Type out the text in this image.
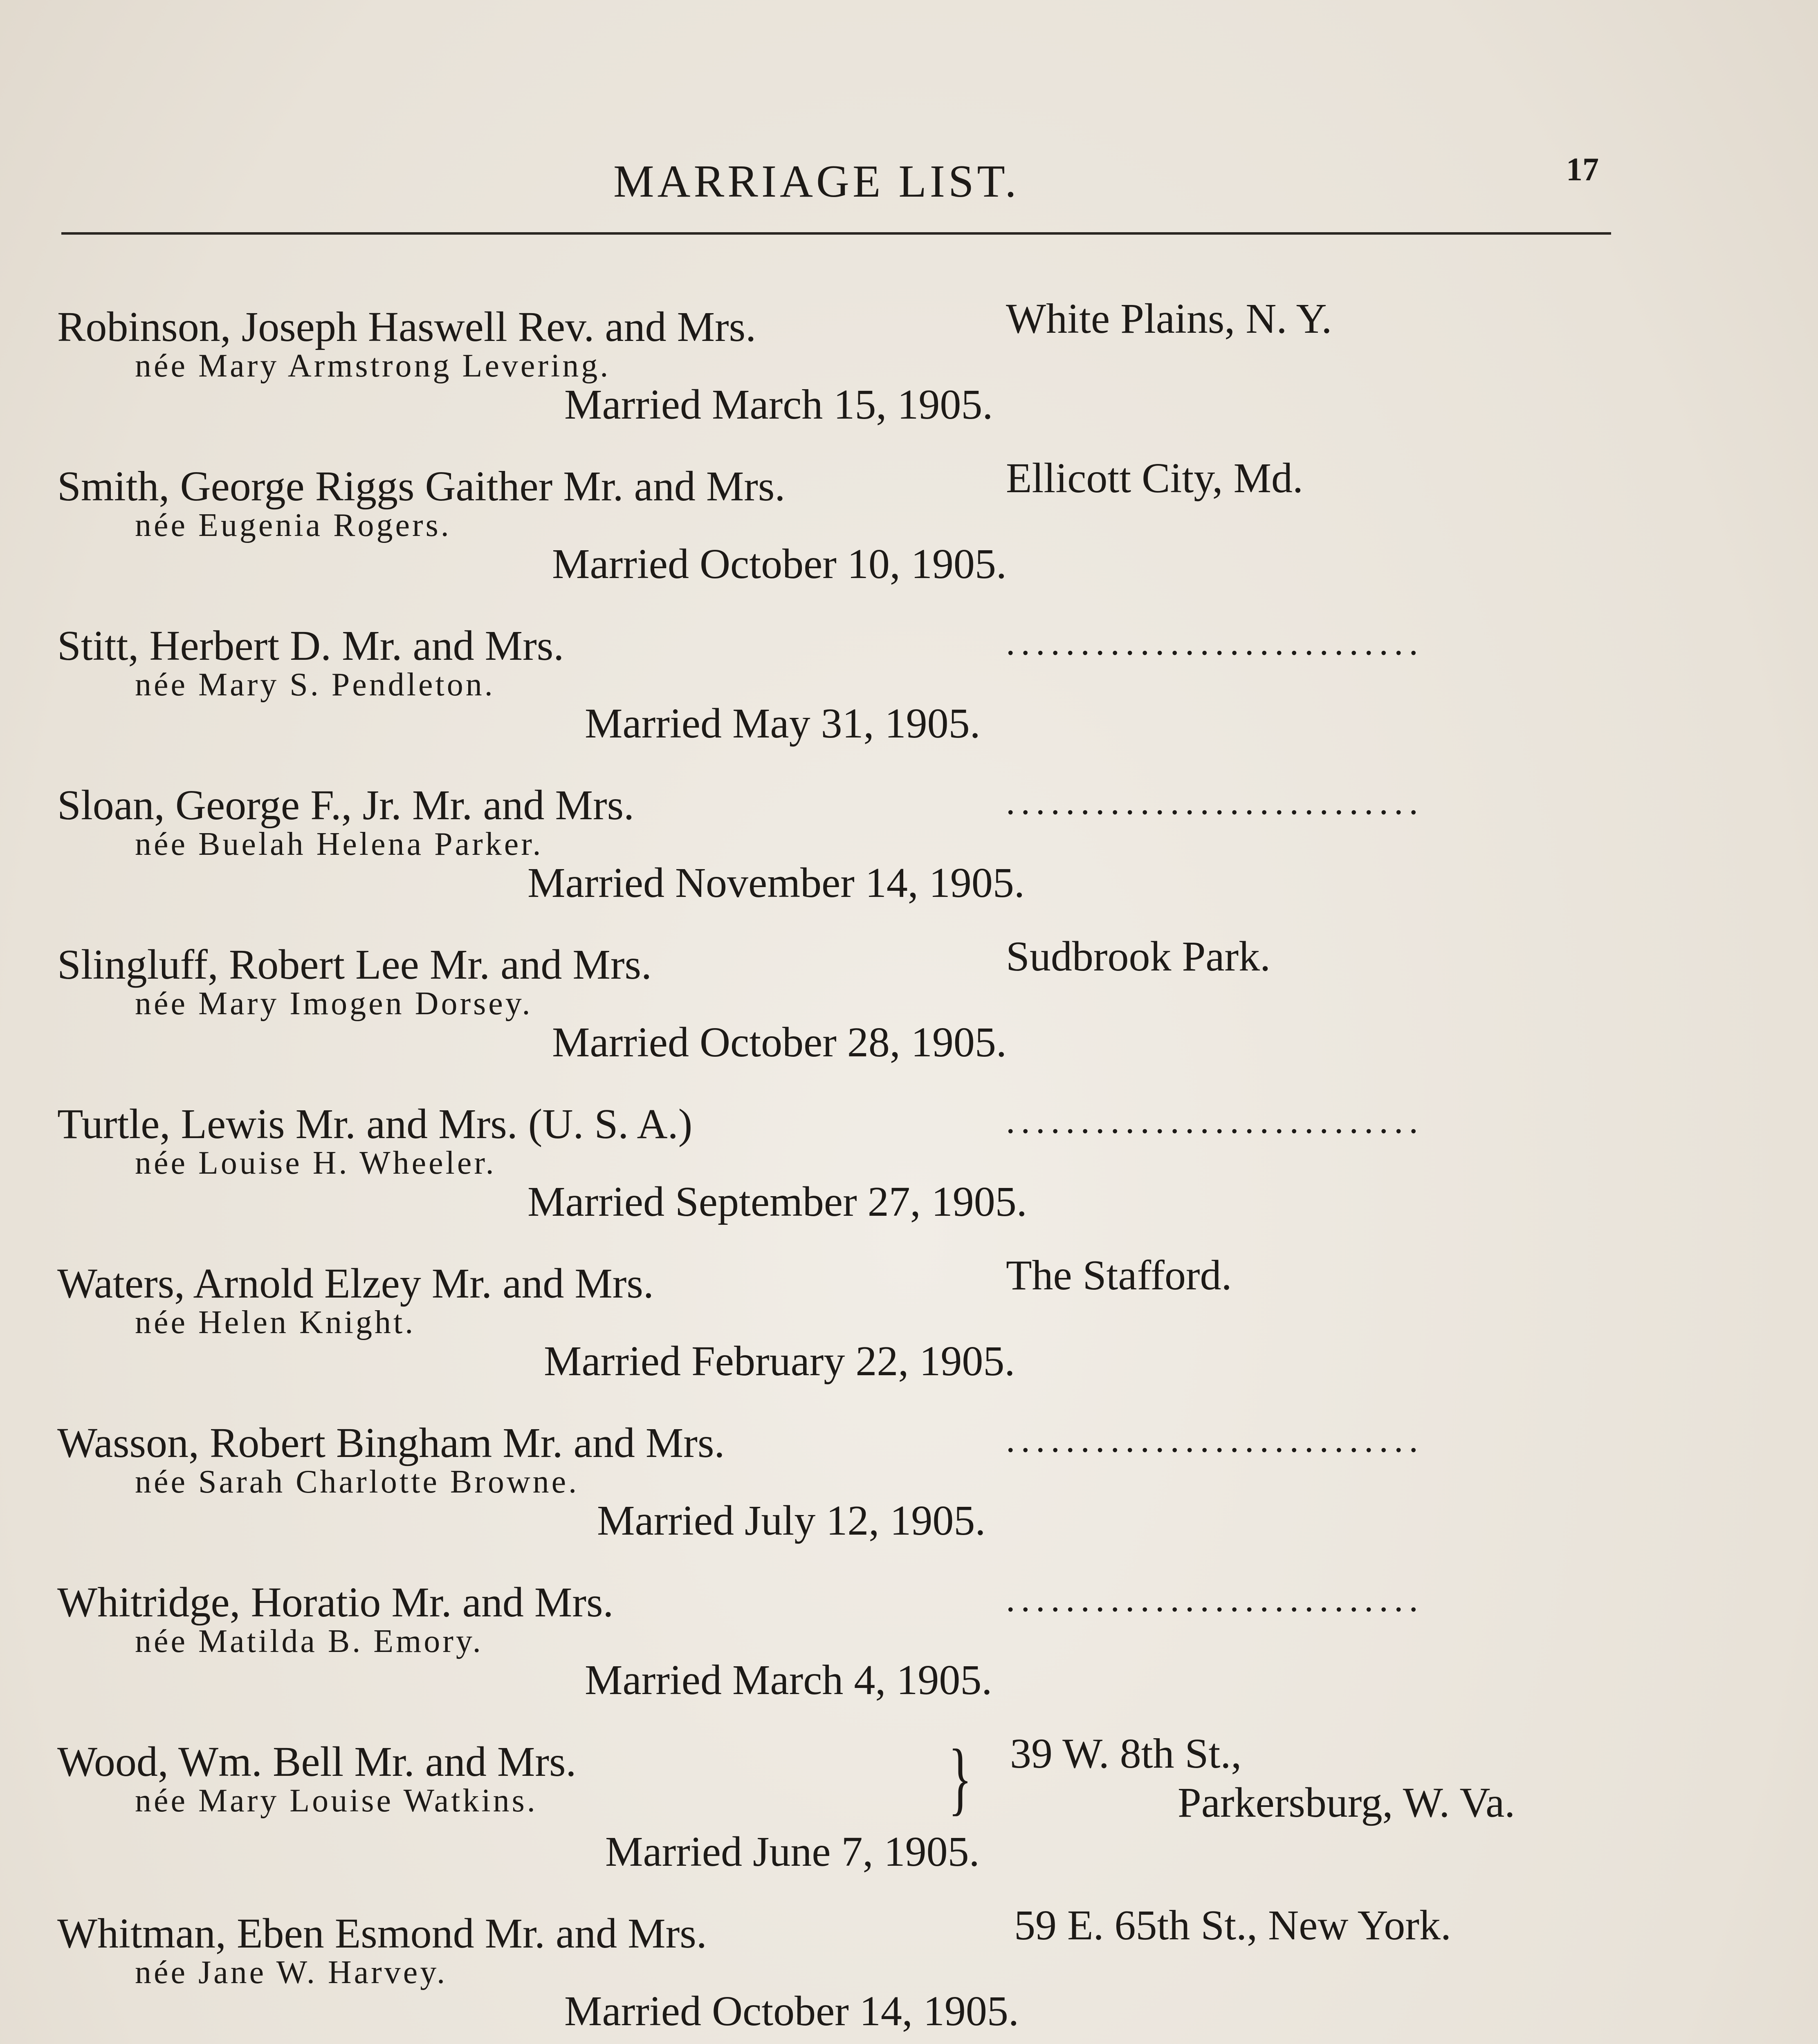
MARRIAGE LIST.	17
Robinson, Joseph Haswell Rev. and Mrs.	White Plains, N. Y.
née Mary Armstrong Levering.
Married March 15, 1905.
Smith, George Riggs Gaither Mr. and Mrs.	Ellicott City, Md.
née Eugenia Rogers.
Married October 10, 1905.
Stitt, Herbert D. Mr. and Mrs.	............................
née Mary S. Pendleton.
Married May 31, 1905.
Sloan, George F., Jr. Mr. and Mrs.	............................
née Buelah Helena Parker.
Married November 14, 1905.
Slingluff, Robert Lee Mr. and Mrs.	Sudbrook Park.
née Mary Imogen Dorsey.
Married October 28, 1905.
Turtle, Lewis Mr. and Mrs. (U. S. A.)	............................
née Louise H. Wheeler.
Married September 27, 1905.
Waters, Arnold Elzey Mr. and Mrs.	The Stafford.
née Helen Knight.
Married February 22, 1905.
Wasson, Robert Bingham Mr. and Mrs.	............................
née Sarah Charlotte Browne.
Married July 12, 1905.
Whitridge, Horatio Mr. and Mrs.	............................
née Matilda B. Emory.
Married March 4, 1905.
Wood, Wm. Bell Mr. and Mrs.	} 39 W. 8th St.,
Parkersburg, W. Va.
née Mary Louise Watkins.
Married June 7, 1905.
Whitman, Eben Esmond Mr. and Mrs.	59 E. 65th St., New York.
née Jane W. Harvey.
Married October 14, 1905.
